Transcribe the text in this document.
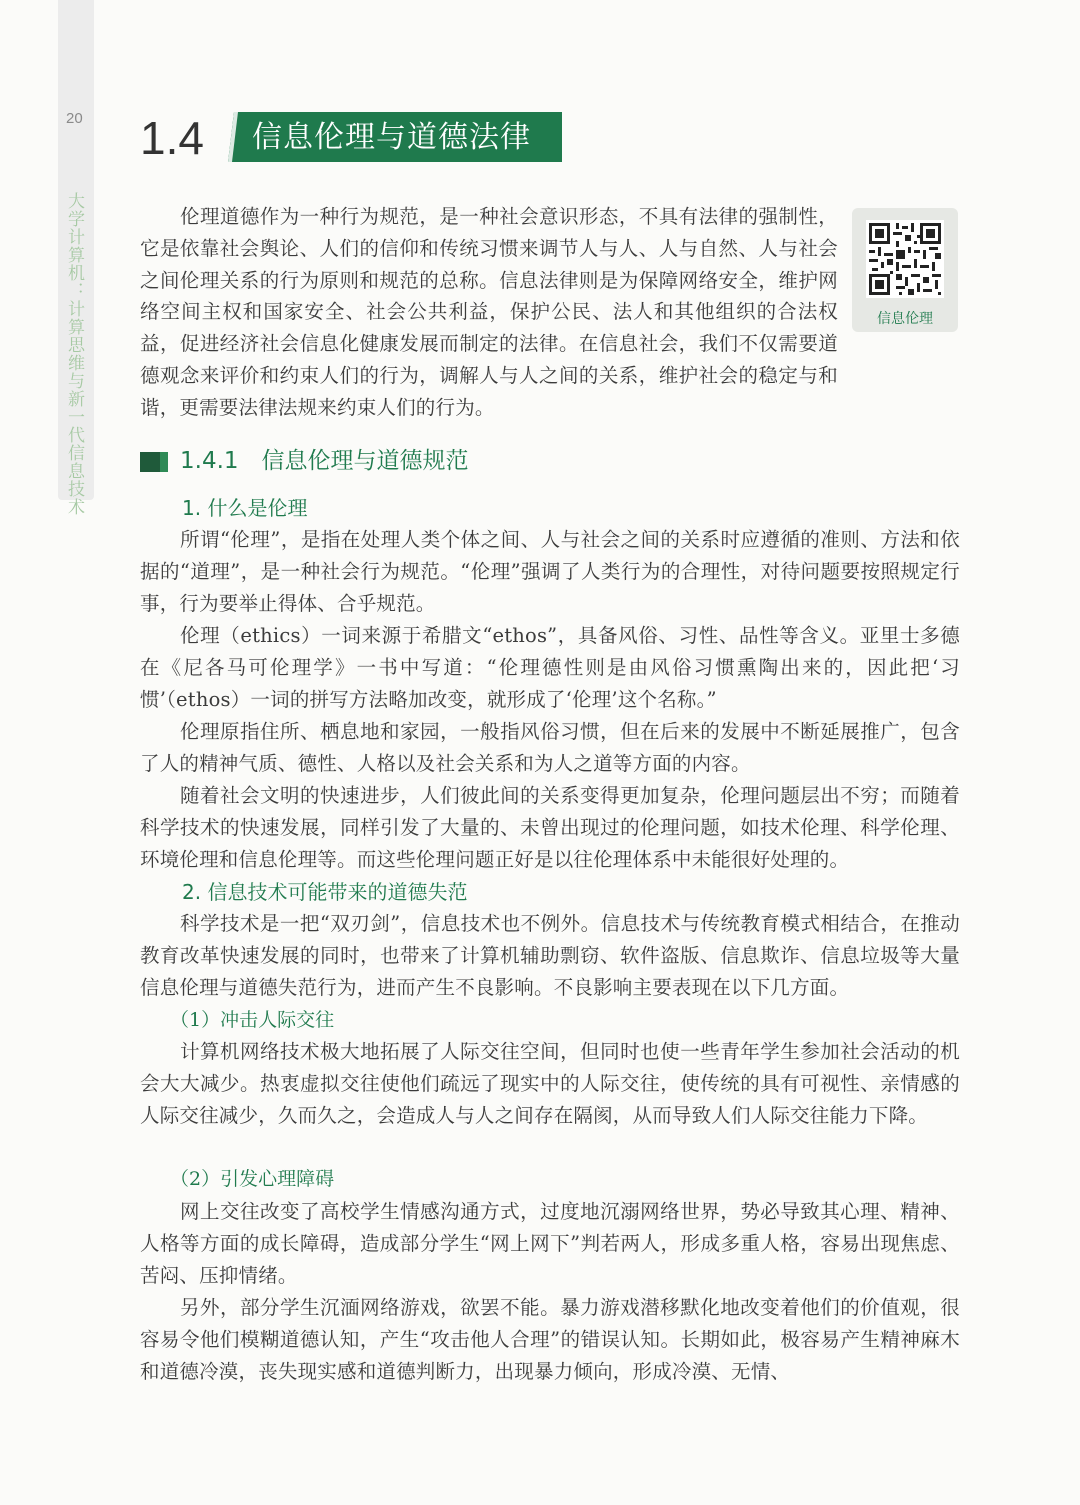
20
大学计算机：计算思维与新一代信息技术
1.4 信息伦理与道德法律
信息伦理
伦理道德作为一种行为规范，是一种社会意识形态，不具有法律的强制性，它是依靠社会舆论、人们的信仰和传统习惯来调节人与人、人与自然、人与社会之间伦理关系的行为原则和规范的总称。信息法律则是为保障网络安全，维护网络空间主权和国家安全、社会公共利益，保护公民、法人和其他组织的合法权益，促进经济社会信息化健康发展而制定的法律。在信息社会，我们不仅需要道德观念来评价和约束人们的行为，调解人与人之间的关系，维护社会的稳定与和谐，更需要法律法规来约束人们的行为。
1.4.1　信息伦理与道德规范
1. 什么是伦理
所谓“伦理”，是指在处理人类个体之间、人与社会之间的关系时应遵循的准则、方法和依据的“道理”，是一种社会行为规范。“伦理”强调了人类行为的合理性，对待问题要按照规定行事，行为要举止得体、合乎规范。
伦理（ethics）一词来源于希腊文“ethos”，具备风俗、习性、品性等含义。亚里士多德在《尼各马可伦理学》一书中写道：“伦理德性则是由风俗习惯熏陶出来的，因此把‘习惯’（ethos）一词的拼写方法略加改变，就形成了‘伦理’这个名称。”
伦理原指住所、栖息地和家园，一般指风俗习惯，但在后来的发展中不断延展推广，包含了人的精神气质、德性、人格以及社会关系和为人之道等方面的内容。
随着社会文明的快速进步，人们彼此间的关系变得更加复杂，伦理问题层出不穷；而随着科学技术的快速发展，同样引发了大量的、未曾出现过的伦理问题，如技术伦理、科学伦理、环境伦理和信息伦理等。而这些伦理问题正好是以往伦理体系中未能很好处理的。
2. 信息技术可能带来的道德失范
科学技术是一把“双刃剑”，信息技术也不例外。信息技术与传统教育模式相结合，在推动教育改革快速发展的同时，也带来了计算机辅助剽窃、软件盗版、信息欺诈、信息垃圾等大量信息伦理与道德失范行为，进而产生不良影响。不良影响主要表现在以下几方面。
（1）冲击人际交往
计算机网络技术极大地拓展了人际交往空间，但同时也使一些青年学生参加社会活动的机会大大减少。热衷虚拟交往使他们疏远了现实中的人际交往，使传统的具有可视性、亲情感的人际交往减少，久而久之，会造成人与人之间存在隔阂，从而导致人们人际交往能力下降。
（2）引发心理障碍
网上交往改变了高校学生情感沟通方式，过度地沉溺网络世界，势必导致其心理、精神、人格等方面的成长障碍，造成部分学生“网上网下”判若两人，形成多重人格，容易出现焦虑、苦闷、压抑情绪。
另外，部分学生沉湎网络游戏，欲罢不能。暴力游戏潜移默化地改变着他们的价值观，很容易令他们模糊道德认知，产生“攻击他人合理”的错误认知。长期如此，极容易产生精神麻木和道德冷漠，丧失现实感和道德判断力，出现暴力倾向，形成冷漠、无情、
